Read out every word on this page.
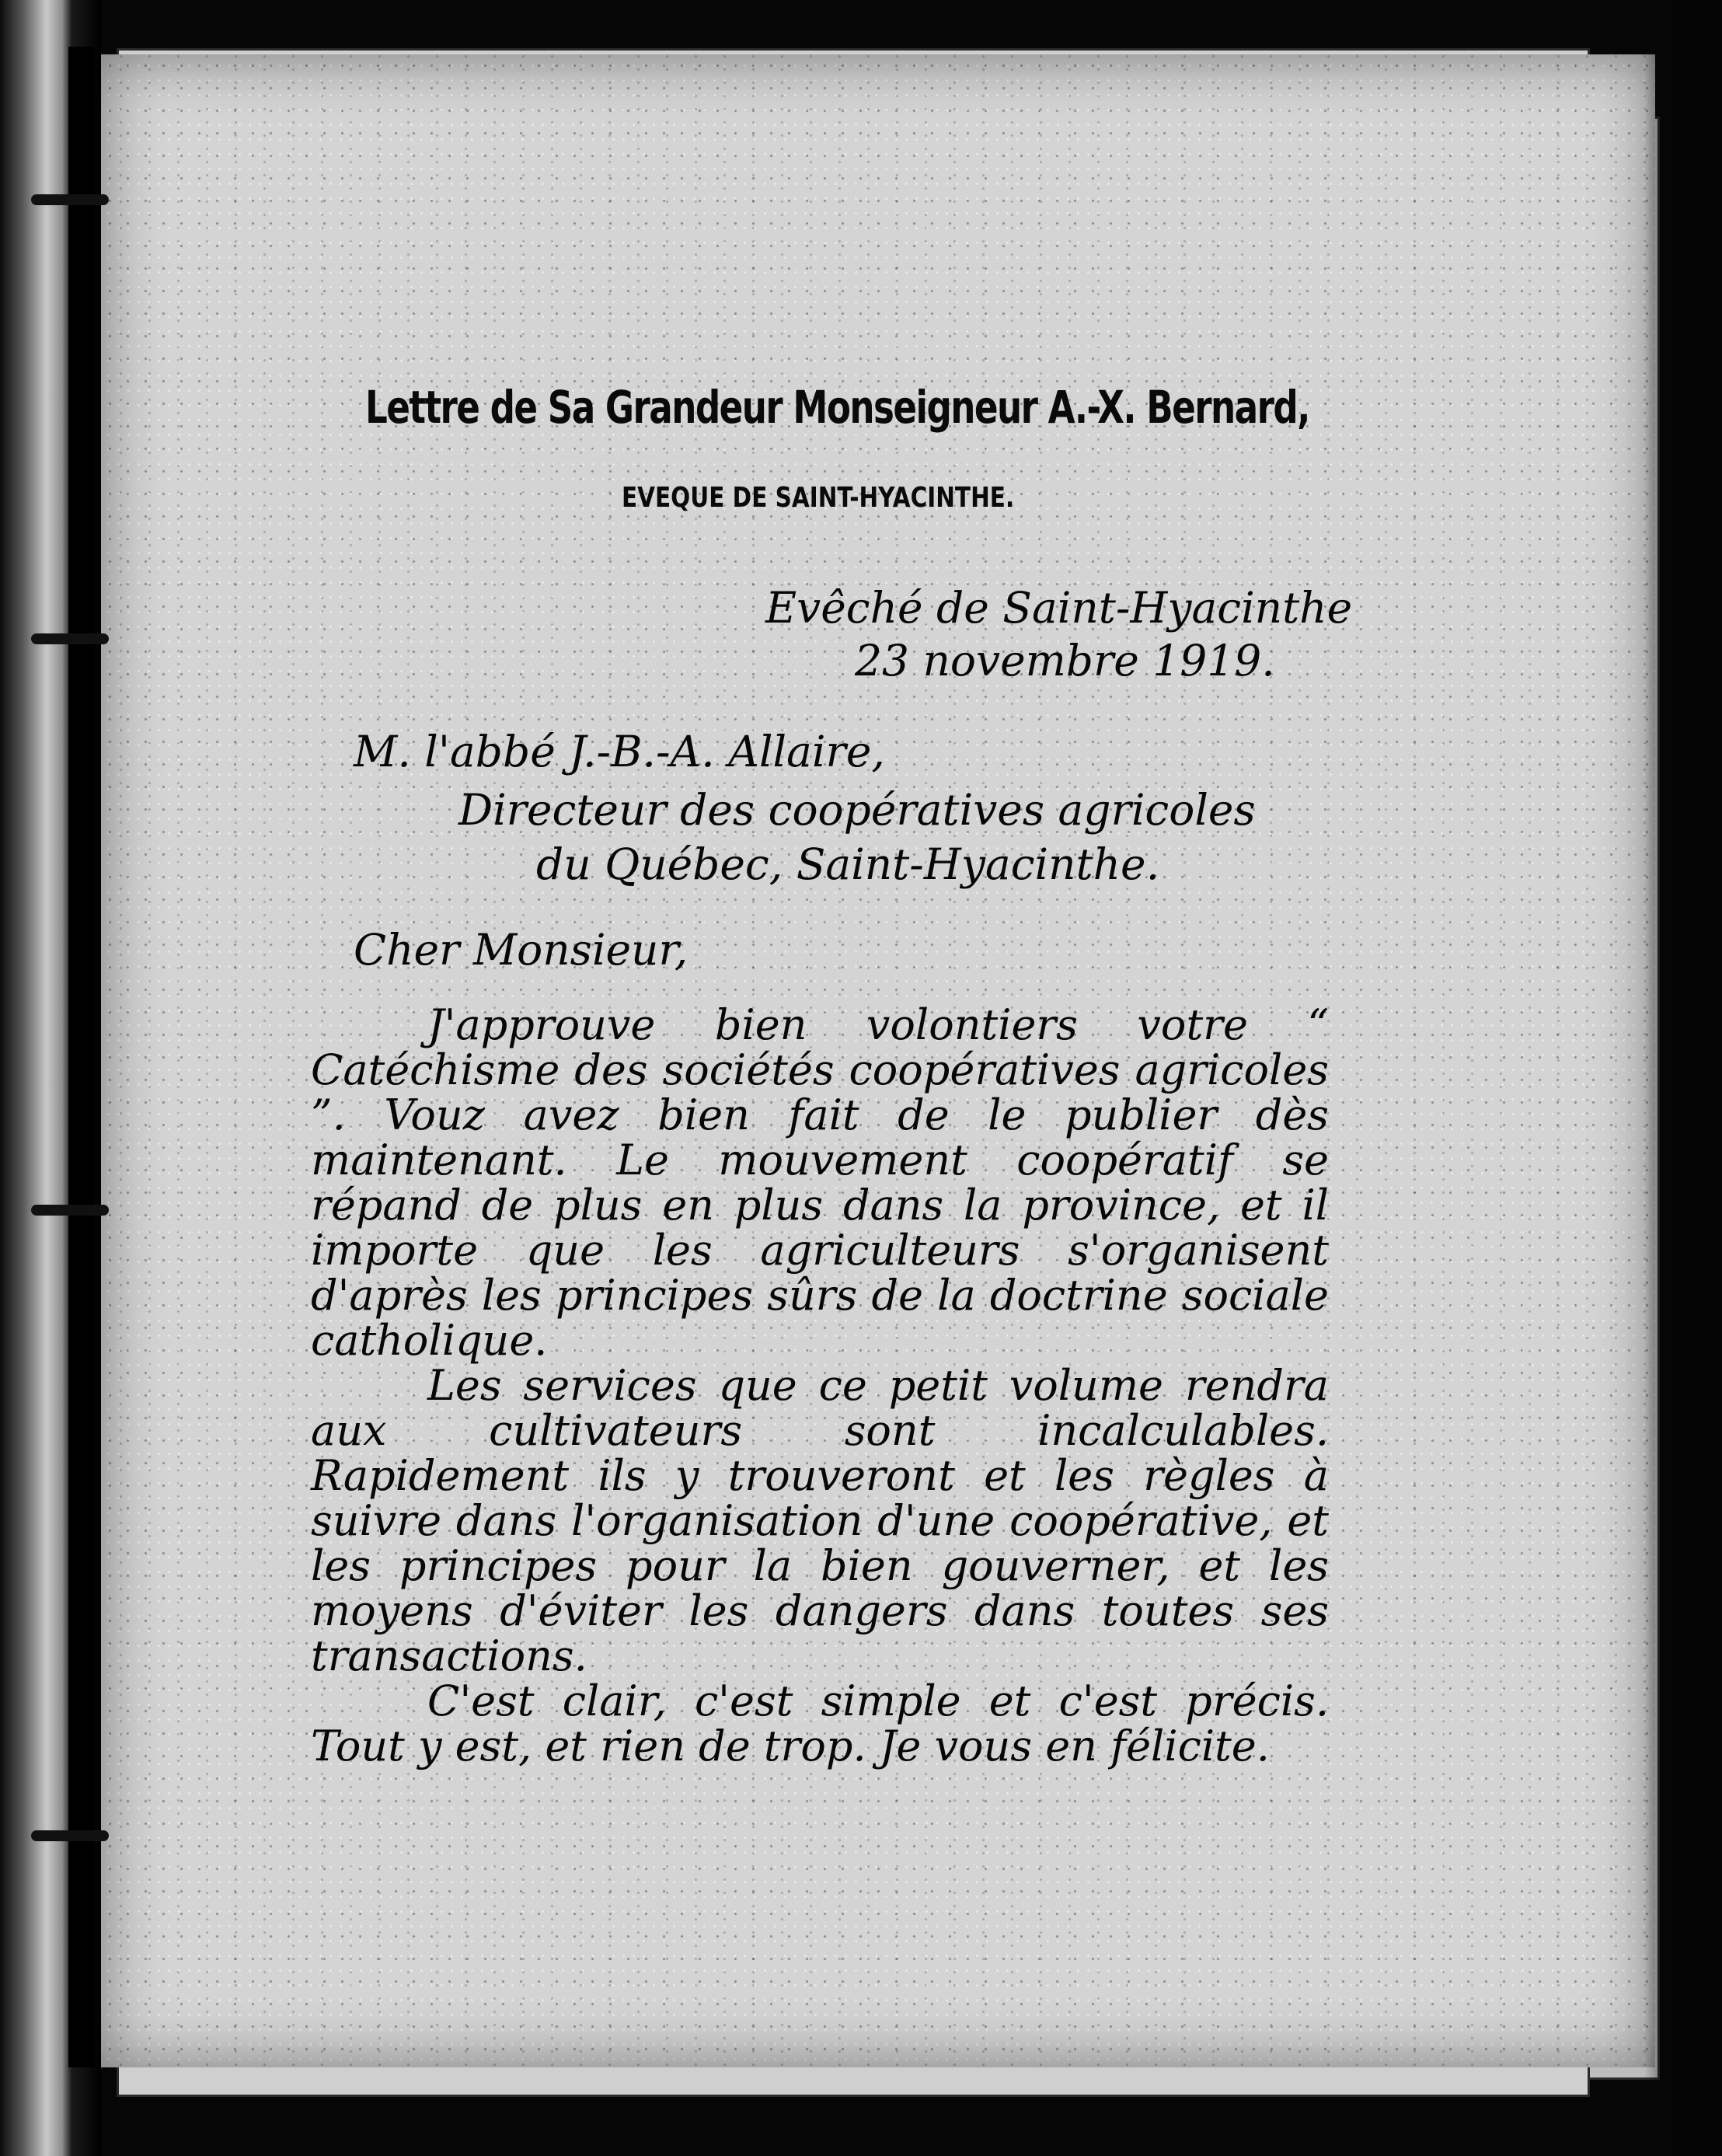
Lettre de Sa Grandeur Monseigneur A.-X. Bernard,
EVEQUE DE SAINT-HYACINTHE.
Evêché de Saint-Hyacinthe
23 novembre 1919.
M. l'abbé J.-B.-A. Allaire,
Directeur des coopératives agricoles
du Québec, Saint-Hyacinthe.
Cher Monsieur,

J'approuve bien volontiers votre “ Catéchisme des sociétés coopératives agricoles ”. Vouz avez bien fait de le publier dès maintenant. Le mouvement coopératif se répand de plus en plus dans la province, et il importe que les agriculteurs s'organisent d'après les principes sûrs de la doctrine sociale catholique.

Les services que ce petit volume rendra aux cultivateurs sont incalculables. Rapidement ils y trouveront et les règles à suivre dans l'organisation d'une coopérative, et les principes pour la bien gouverner, et les moyens d'éviter les dangers dans toutes ses transactions.

C'est clair, c'est simple et c'est précis. Tout y est, et rien de trop. Je vous en félicite.
